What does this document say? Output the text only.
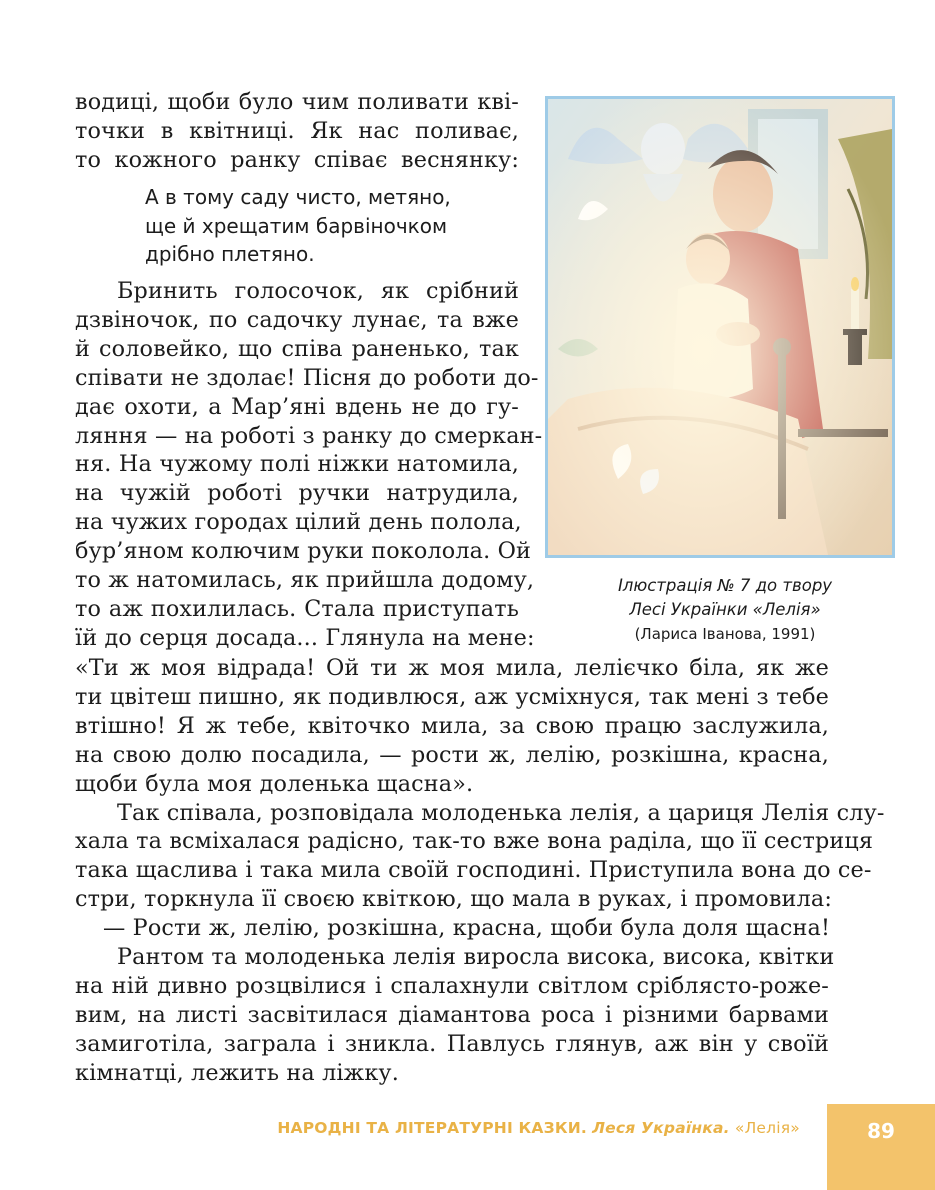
водиці, щоби було чим поливати кві-
точки в квітниці. Як нас поливає,
то кожного ранку співає веснянку:
А в тому саду чисто, метяно,
ще й хрещатим барвіночком
дрібно плетяно.
Бринить голосочок, як срібний
дзвіночок, по садочку лунає, та вже
й соловейко, що співа раненько, так
співати не здолає! Пісня до роботи до-
дає охоти, а Мар’яні вдень не до гу-
ляння — на роботі з ранку до смеркан-
ня. На чужому полі ніжки натомила,
на чужій роботі ручки натрудила,
на чужих городах цілий день полола,
бур’яном колючим руки поколола. Ой
то ж натомилась, як прийшла додому,
то аж похилилась. Стала приступать
їй до серця досада... Глянула на мене:
«Ти ж моя відрада! Ой ти ж моя мила, лелієчко біла, як же
ти цвітеш пишно, як подивлюся, аж усміхнуся, так мені з тебе
втішно! Я ж тебе, квіточко мила, за свою працю заслужила,
на свою долю посадила, — рости ж, лелію, розкішна, красна,
щоби була моя доленька щасна».
Так співала, розповідала молоденька лелія, а цариця Лелія слу-
хала та всміхалася радісно, так-то вже вона раділа, що її сестриця
така щаслива і така мила своїй господині. Приступила вона до се-
стри, торкнула її своєю квіткою, що мала в руках, і промовила:
— Рости ж, лелію, розкішна, красна, щоби була доля щасна!
Рантом та молоденька лелія виросла висока, висока, квітки
на ній дивно розцвілися і спалахнули світлом сріблясто-роже-
вим, на листі засвітилася діамантова роса і різними барвами
замиготіла, заграла і зникла. Павлусь глянув, аж він у своїй
кімнатці, лежить на ліжку.
Ілюстрація № 7 до твору
Лесі Українки «Лелія»
(Лариса Іванова, 1991)
НАРОДНІ ТА ЛІТЕРАТУРНІ КАЗКИ. Леся Українка. «Лелія»	89
